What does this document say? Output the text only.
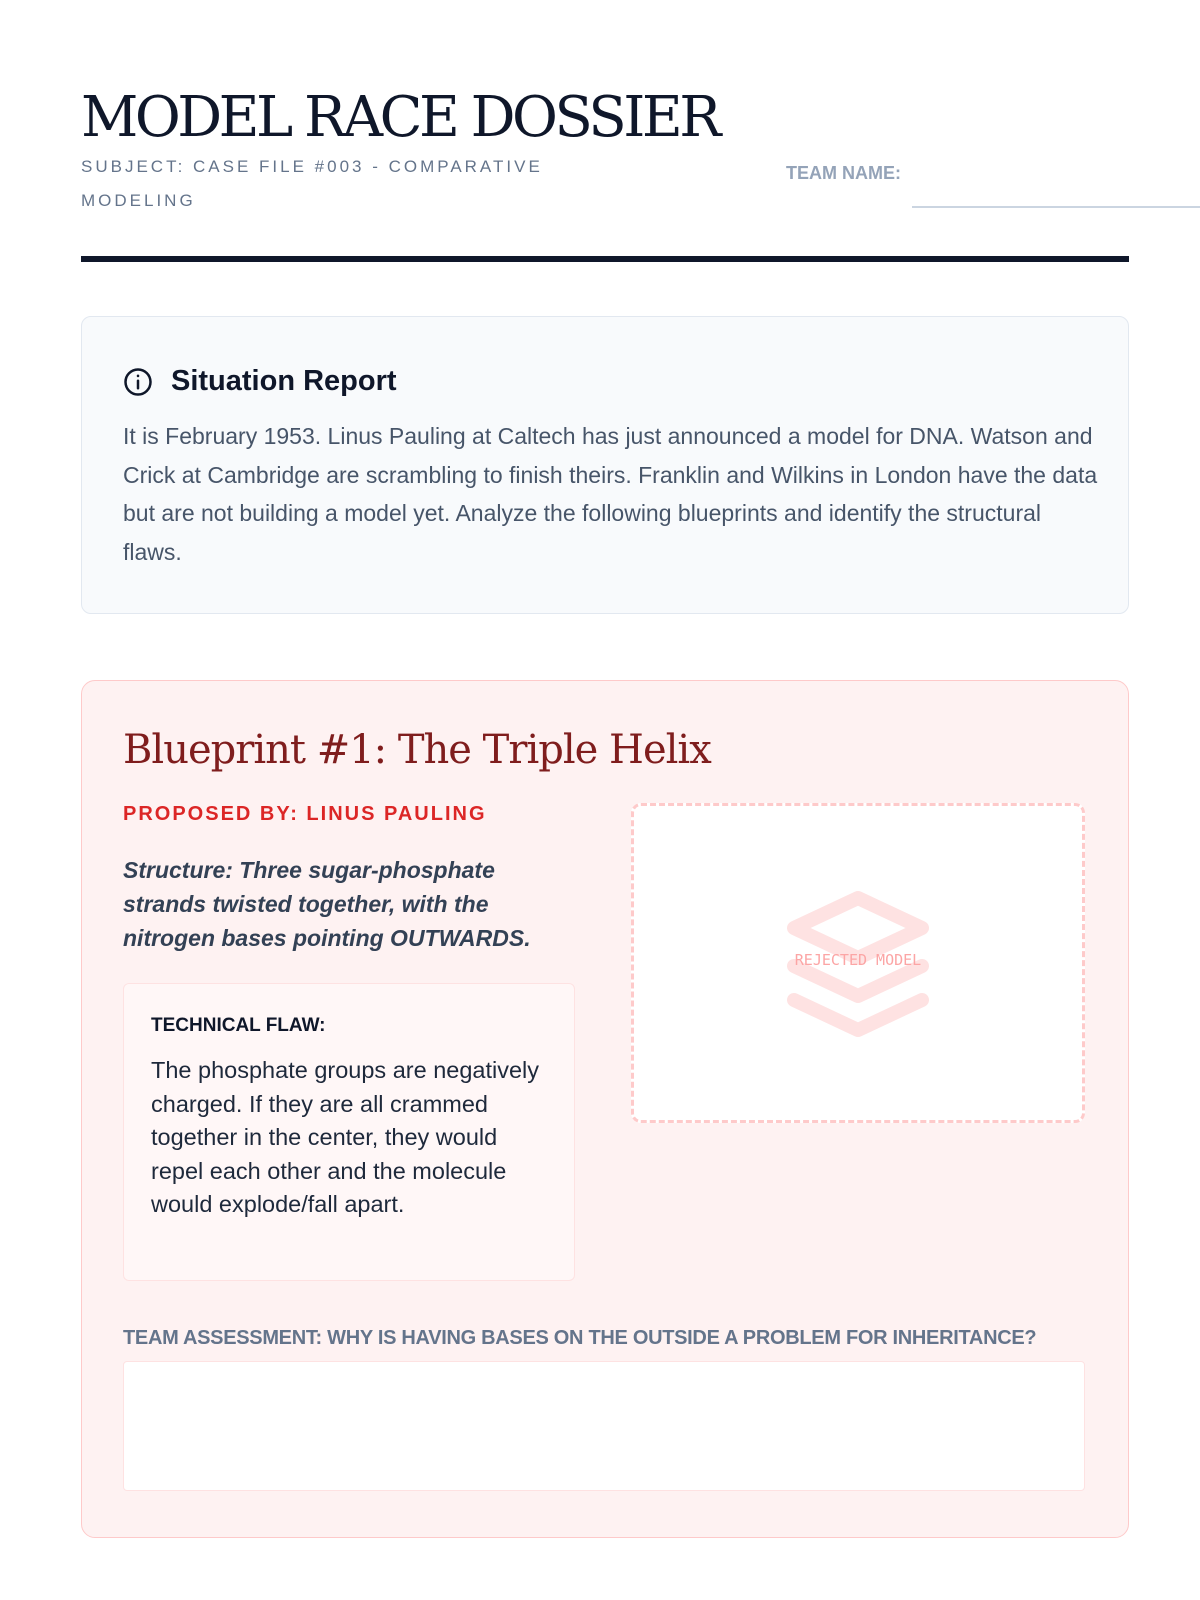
MODEL RACE DOSSIER
SUBJECT: CASE FILE #003 - COMPARATIVE MODELING
TEAM NAME:
Situation Report

It is February 1953. Linus Pauling at Caltech has just announced a model for DNA. Watson and Crick at Cambridge are scrambling to finish theirs. Franklin and Wilkins in London have the data but are not building a model yet. Analyze the following blueprints and identify the structural flaws.

Blueprint #1: The Triple Helix
PROPOSED BY: LINUS PAULING

Structure: Three sugar-phosphate strands twisted together, with the nitrogen bases pointing OUTWARDS.

TECHNICAL FLAW:

The phosphate groups are negatively charged. If they are all crammed together in the center, they would repel each other and the molecule would explode/fall apart.

REJECTED MODEL
TEAM ASSESSMENT: WHY IS HAVING BASES ON THE OUTSIDE A PROBLEM FOR INHERITANCE?
